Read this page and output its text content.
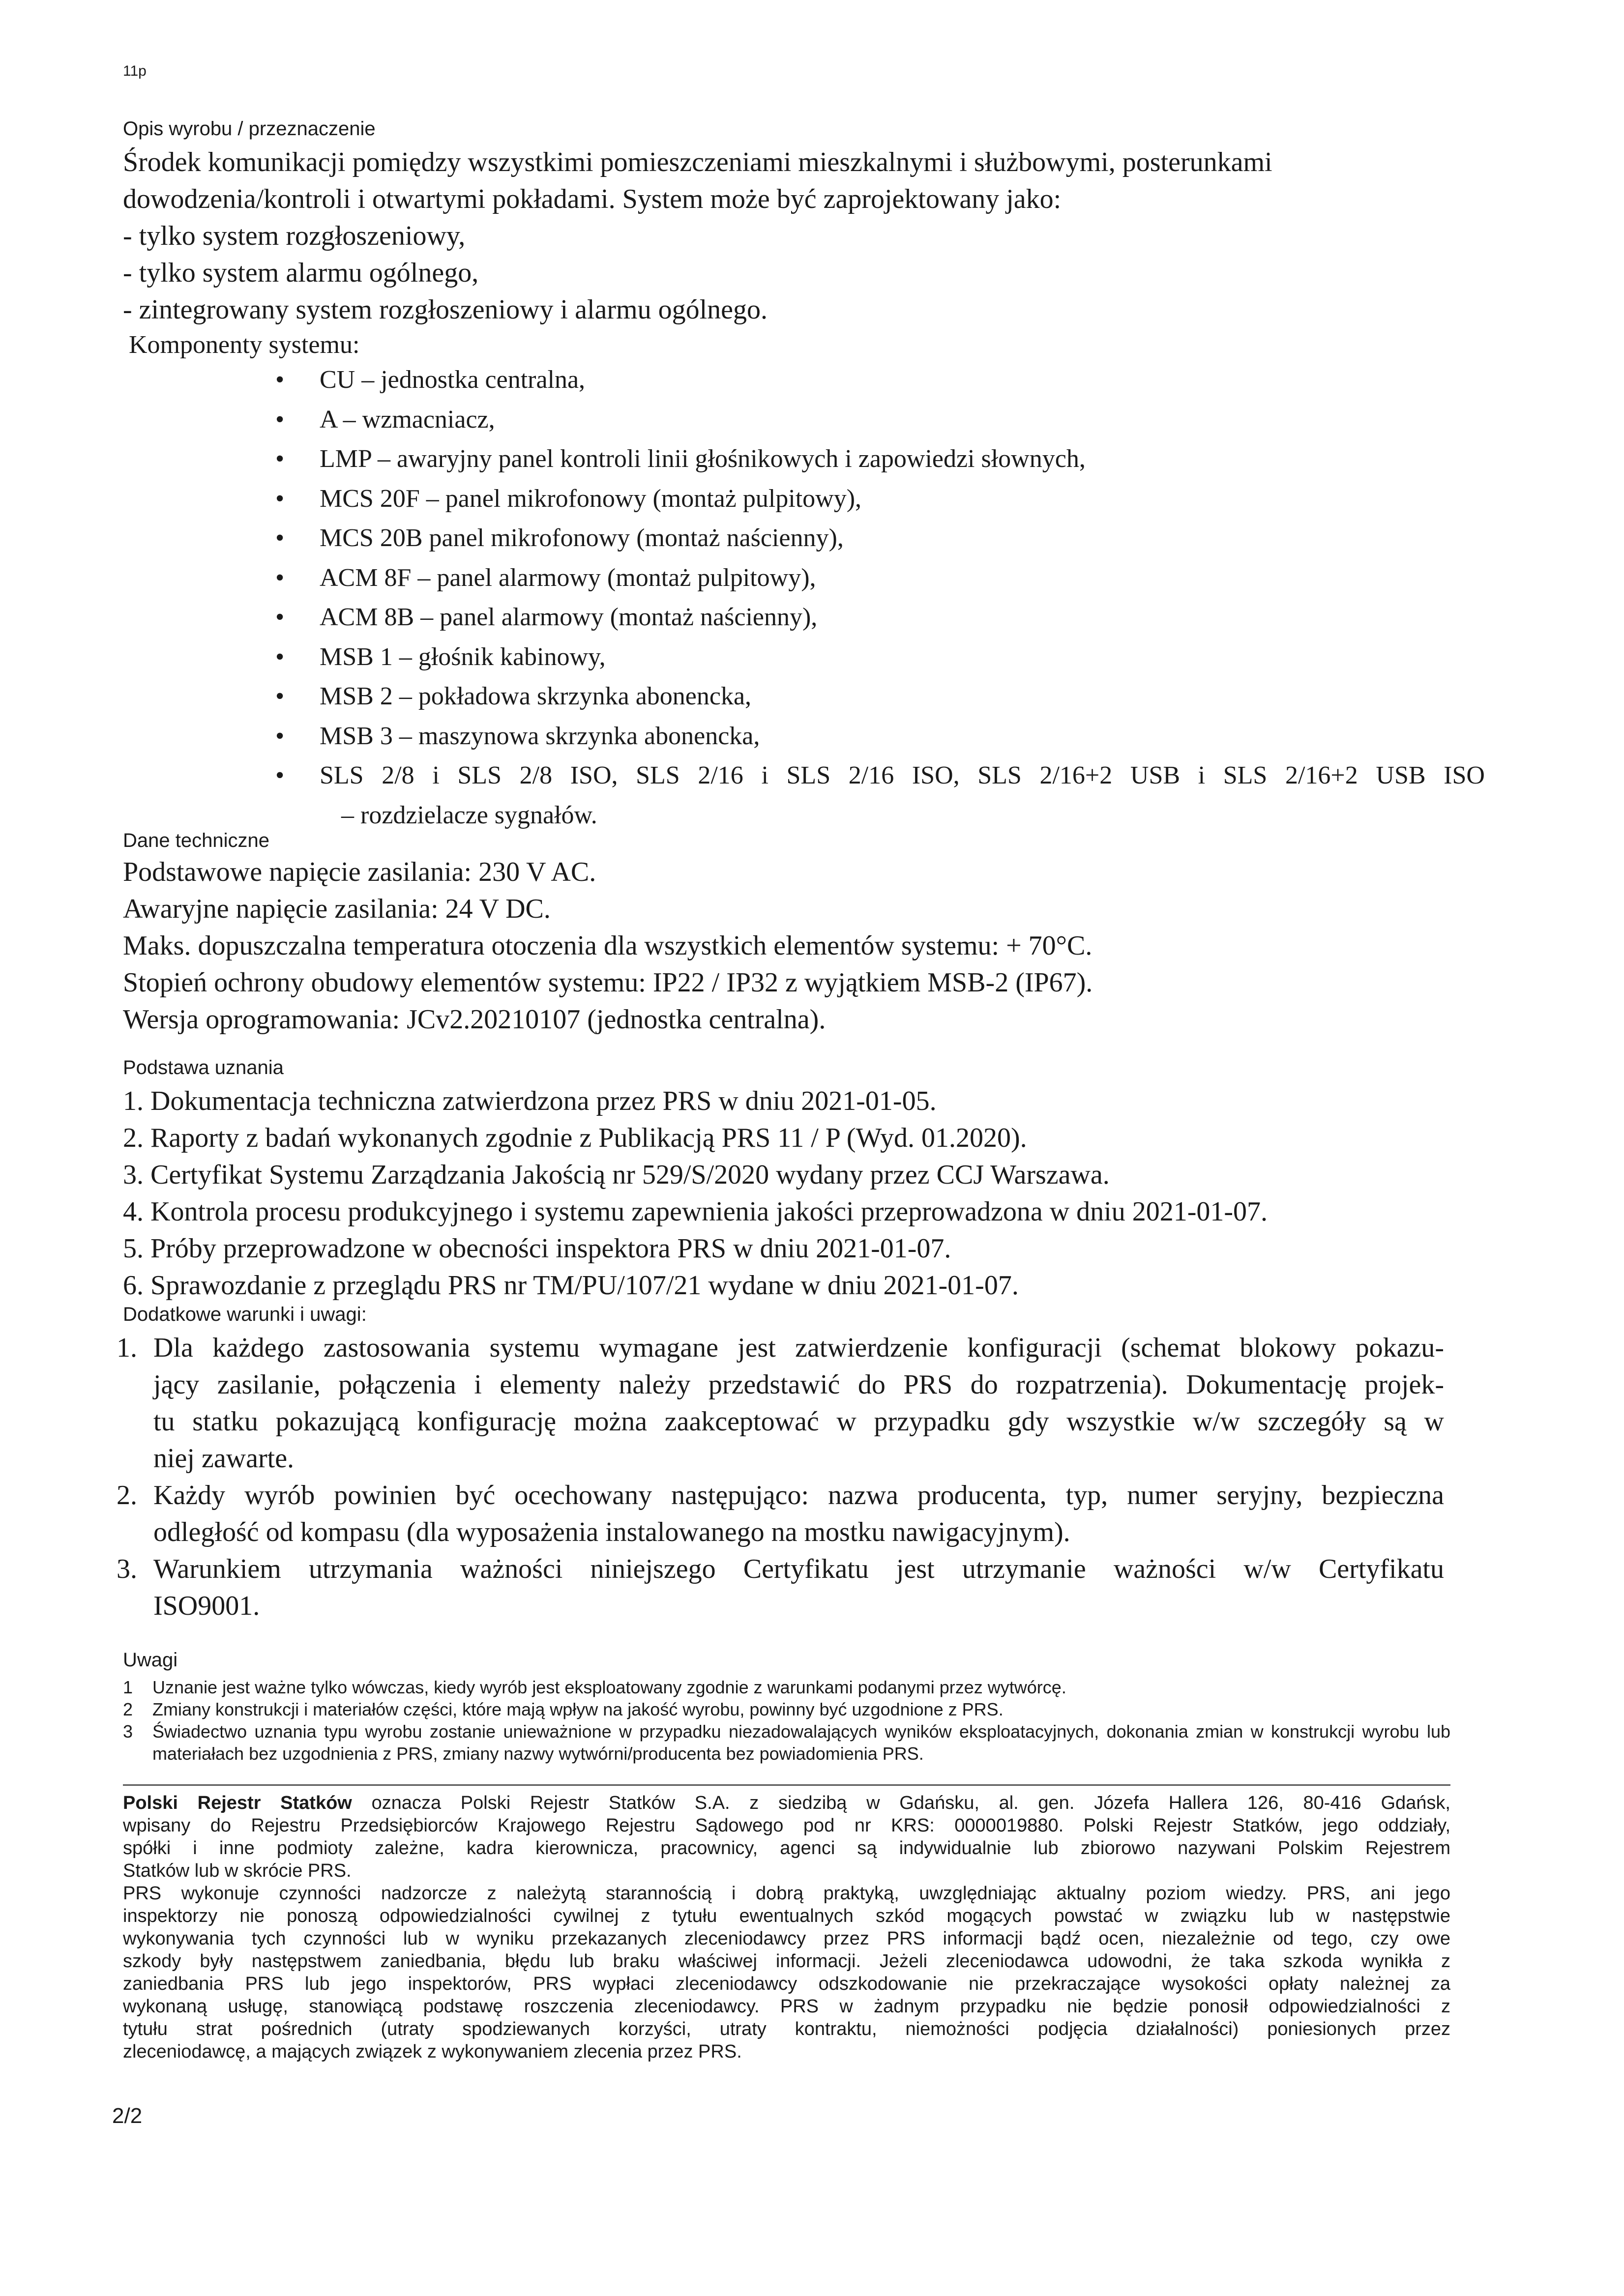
11p
Opis wyrobu / przeznaczenie
Środek komunikacji pomiędzy wszystkimi pomieszczeniami mieszkalnymi i służbowymi, posterunkami
dowodzenia/kontroli i otwartymi pokładami. System może być zaprojektowany jako:
- tylko system rozgłoszeniowy,
- tylko system alarmu ogólnego,
- zintegrowany system rozgłoszeniowy i alarmu ogólnego.
Komponenty systemu:
• CU – jednostka centralna,
• A – wzmacniacz,
• LMP – awaryjny panel kontroli linii głośnikowych i zapowiedzi słownych,
• MCS 20F – panel mikrofonowy (montaż pulpitowy),
• MCS 20B panel mikrofonowy (montaż naścienny),
• ACM 8F – panel alarmowy (montaż pulpitowy),
• ACM 8B – panel alarmowy (montaż naścienny),
• MSB 1 – głośnik kabinowy,
• MSB 2 – pokładowa skrzynka abonencka,
• MSB 3 – maszynowa skrzynka abonencka,
• SLS 2/8 i SLS 2/8 ISO, SLS 2/16 i SLS 2/16 ISO, SLS 2/16+2 USB i SLS 2/16+2 USB ISO
– rozdzielacze sygnałów.
Dane techniczne
Podstawowe napięcie zasilania: 230 V AC.
Awaryjne napięcie zasilania: 24 V DC.
Maks. dopuszczalna temperatura otoczenia dla wszystkich elementów systemu: + 70°C.
Stopień ochrony obudowy elementów systemu: IP22 / IP32 z wyjątkiem MSB-2 (IP67).
Wersja oprogramowania: JCv2.20210107 (jednostka centralna).
Podstawa uznania
1. Dokumentacja techniczna zatwierdzona przez PRS w dniu 2021-01-05.
2. Raporty z badań wykonanych zgodnie z Publikacją PRS 11 / P (Wyd. 01.2020).
3. Certyfikat Systemu Zarządzania Jakością nr 529/S/2020 wydany przez CCJ Warszawa.
4. Kontrola procesu produkcyjnego i systemu zapewnienia jakości przeprowadzona w dniu 2021-01-07.
5. Próby przeprowadzone w obecności inspektora PRS w dniu 2021-01-07.
6. Sprawozdanie z przeglądu PRS nr TM/PU/107/21 wydane w dniu 2021-01-07.
Dodatkowe warunki i uwagi:
1. Dla każdego zastosowania systemu wymagane jest zatwierdzenie konfiguracji (schemat blokowy pokazu-
jący zasilanie, połączenia i elementy należy przedstawić do PRS do rozpatrzenia). Dokumentację projek-
tu statku pokazującą konfigurację można zaakceptować w przypadku gdy wszystkie w/w szczegóły są w
niej zawarte.
2. Każdy wyrób powinien być ocechowany następująco: nazwa producenta, typ, numer seryjny, bezpieczna
odległość od kompasu (dla wyposażenia instalowanego na mostku nawigacyjnym).
3. Warunkiem utrzymania ważności niniejszego Certyfikatu jest utrzymanie ważności w/w Certyfikatu
ISO9001.
Uwagi
1	Uznanie jest ważne tylko wówczas, kiedy wyrób jest eksploatowany zgodnie z warunkami podanymi przez wytwórcę.
2	Zmiany konstrukcji i materiałów części, które mają wpływ na jakość wyrobu, powinny być uzgodnione z PRS.
3	Świadectwo uznania typu wyrobu zostanie unieważnione w przypadku niezadowalających wyników eksploatacyjnych, dokonania zmian w konstrukcji wyrobu lub materiałach bez uzgodnienia z PRS, zmiany nazwy wytwórni/producenta bez powiadomienia PRS.
Polski Rejestr Statków oznacza Polski Rejestr Statków S.A. z siedzibą w Gdańsku, al. gen. Józefa Hallera 126, 80-416 Gdańsk,
wpisany do Rejestru Przedsiębiorców Krajowego Rejestru Sądowego pod nr KRS: 0000019880. Polski Rejestr Statków, jego oddziały,
spółki i inne podmioty zależne, kadra kierownicza, pracownicy, agenci są indywidualnie lub zbiorowo nazywani Polskim Rejestrem
Statków lub w skrócie PRS.
PRS wykonuje czynności nadzorcze z należytą starannością i dobrą praktyką, uwzględniając aktualny poziom wiedzy. PRS, ani jego
inspektorzy nie ponoszą odpowiedzialności cywilnej z tytułu ewentualnych szkód mogących powstać w związku lub w następstwie
wykonywania tych czynności lub w wyniku przekazanych zleceniodawcy przez PRS informacji bądź ocen, niezależnie od tego, czy owe
szkody były następstwem zaniedbania, błędu lub braku właściwej informacji. Jeżeli zleceniodawca udowodni, że taka szkoda wynikła z
zaniedbania PRS lub jego inspektorów, PRS wypłaci zleceniodawcy odszkodowanie nie przekraczające wysokości opłaty należnej za
wykonaną usługę, stanowiącą podstawę roszczenia zleceniodawcy. PRS w żadnym przypadku nie będzie ponosił odpowiedzialności z
tytułu strat pośrednich (utraty spodziewanych korzyści, utraty kontraktu, niemożności podjęcia działalności) poniesionych przez
zleceniodawcę, a mających związek z wykonywaniem zlecenia przez PRS.
2/2
